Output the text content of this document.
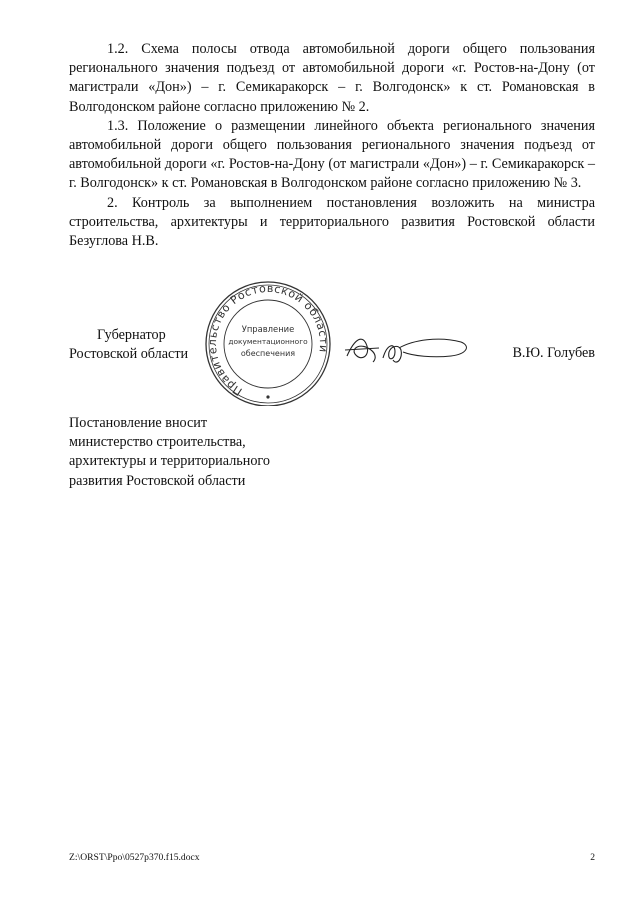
1.2. Схема полосы отвода автомобильной дороги общего пользования регионального значения подъезд от автомобильной дороги «г. Ростов-на-Дону (от магистрали «Дон») – г. Семикаракорск – г. Волгодонск» к ст. Романовская в Волгодонском районе согласно приложению № 2.

1.3. Положение о размещении линейного объекта регионального значения автомобильной дороги общего пользования регионального значения подъезд от автомобильной дороги «г. Ростов-на-Дону (от магистрали «Дон») – г. Семикаракорск – г. Волгодонск» к ст. Романовская в Волгодонском районе согласно приложению № 3.

2. Контроль за выполнением постановления возложить на министра строительства, архитектуры и территориального развития Ростовской области Безуглова Н.В.

Губернатор
Ростовской области
Правительство Ростовской области
Управление
документационного
обеспечения	В.Ю. Голубев
Постановление вносит
министерство строительства,
архитектуры и территориального
развития Ростовской области
Z:\ORST\Ppo\0527p370.f15.docx	2
